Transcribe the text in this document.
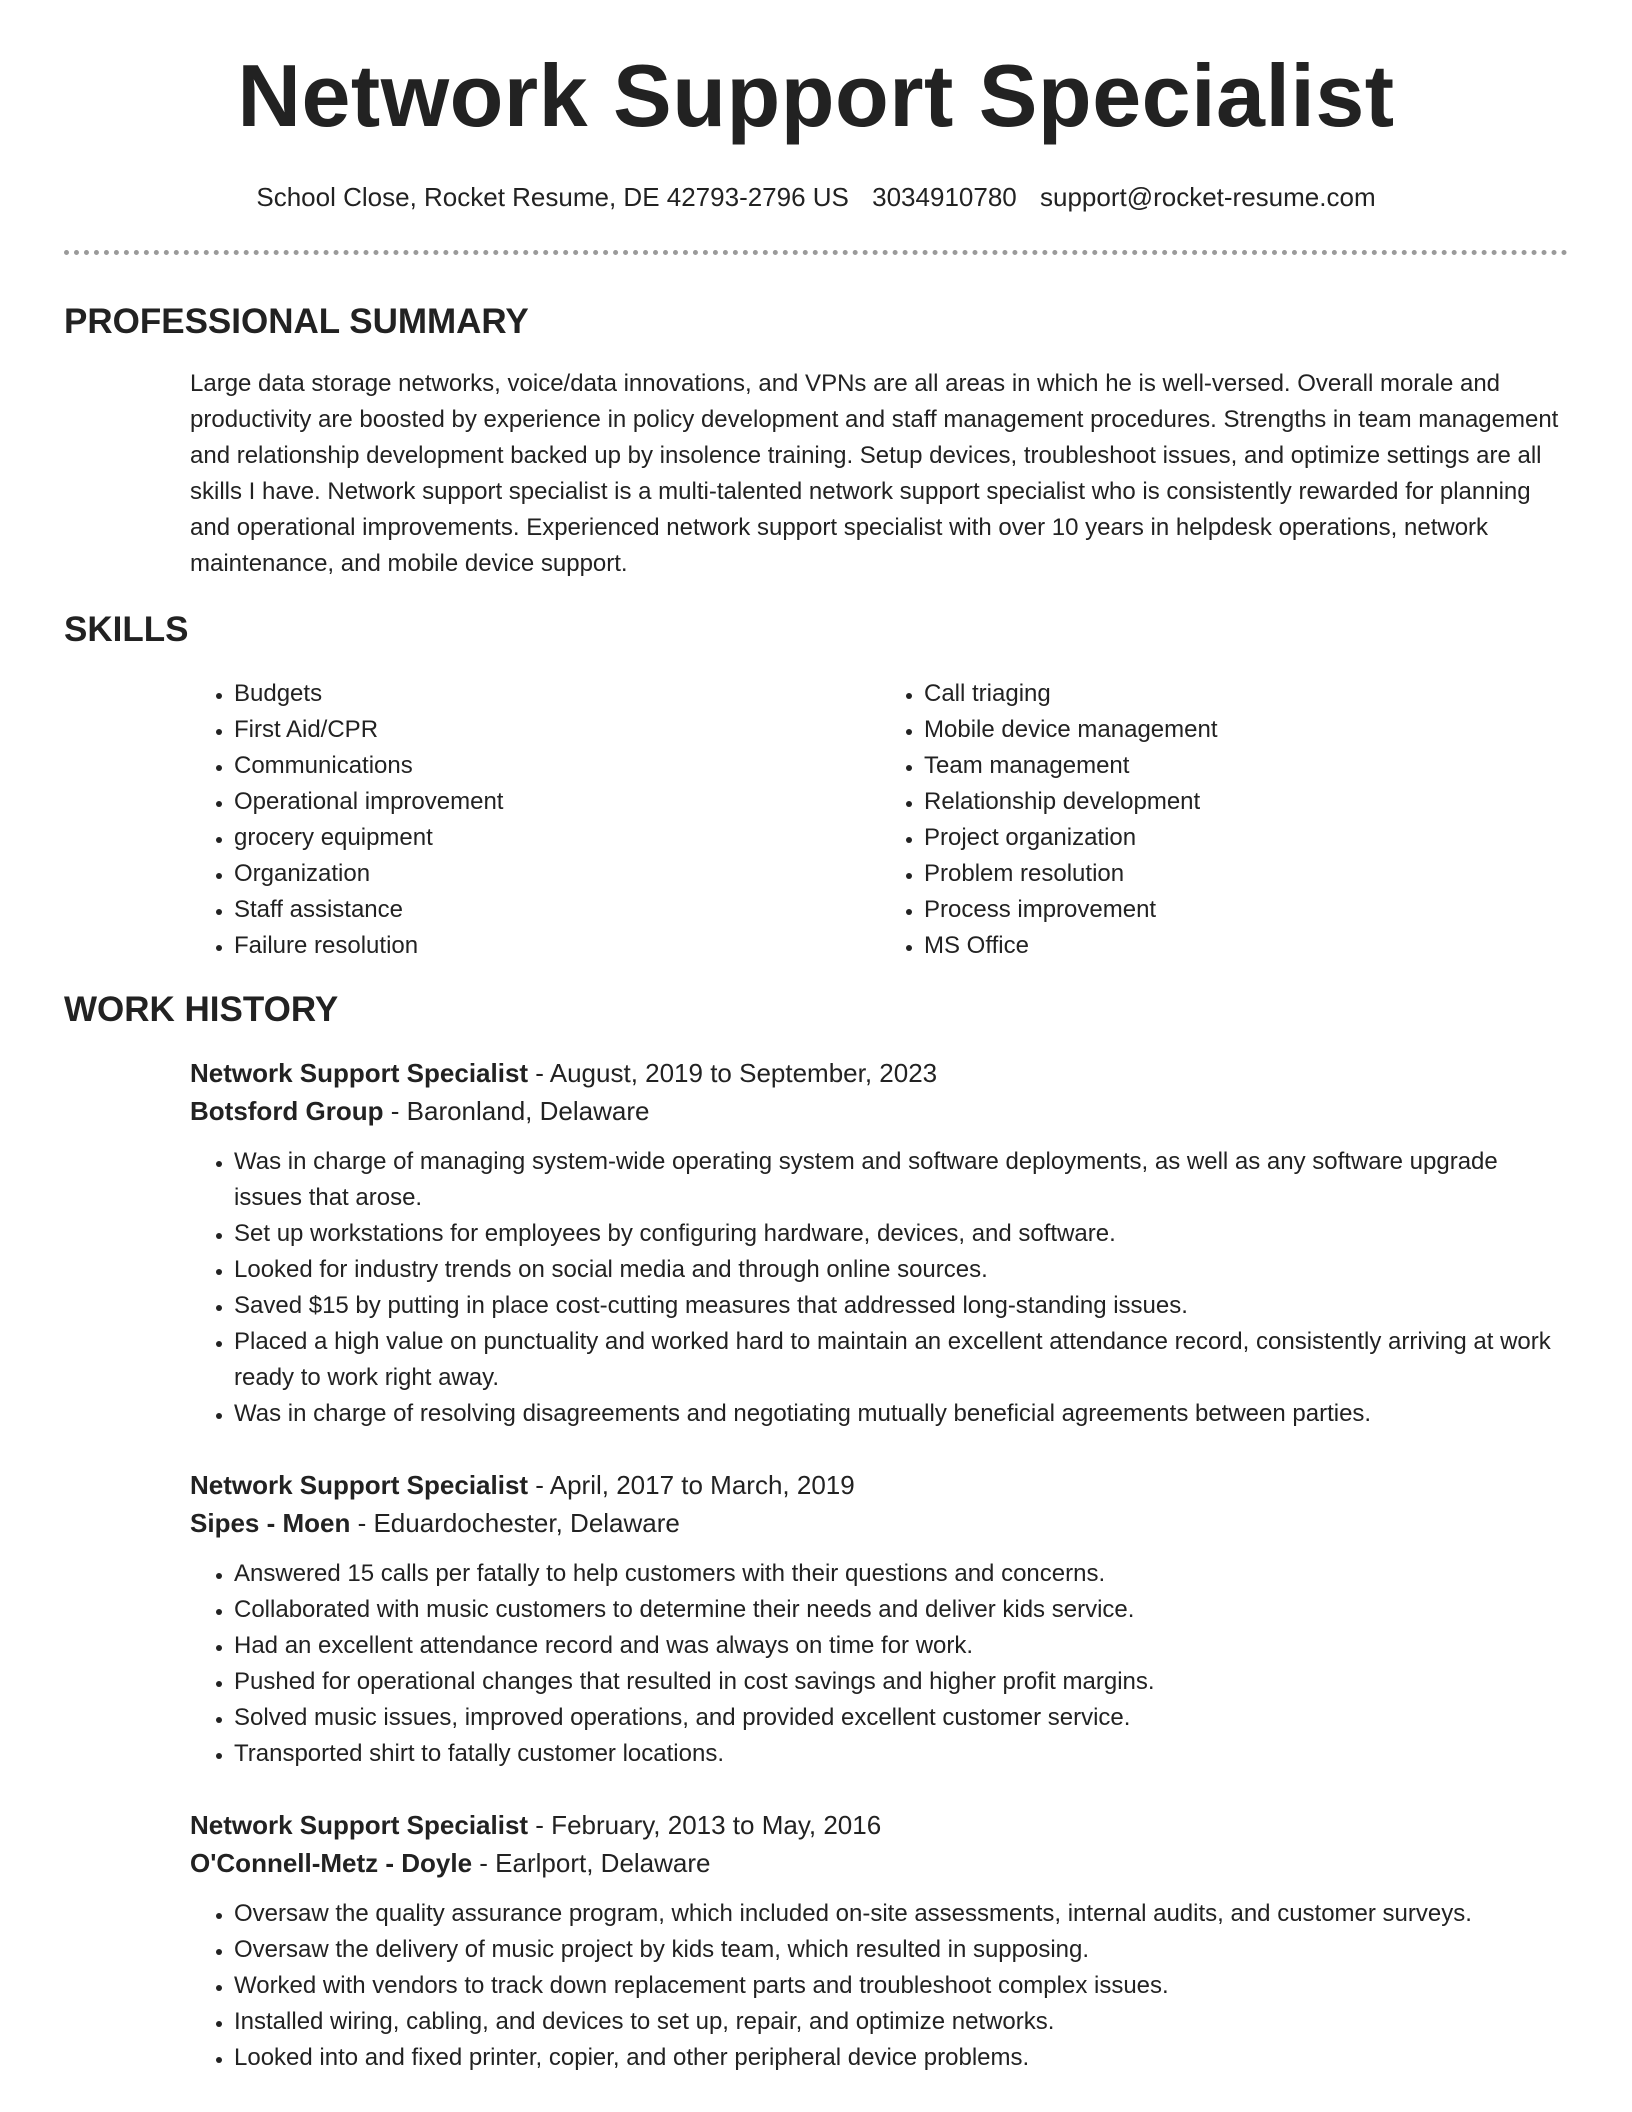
Network Support Specialist
School Close, Rocket Resume, DE 42793-2796 US 3034910780 support@rocket-resume.com
PROFESSIONAL SUMMARY
Large data storage networks, voice/data innovations, and VPNs are all areas in which he is well-versed. Overall morale and productivity are boosted by experience in policy development and staff management procedures. Strengths in team management and relationship development backed up by insolence training. Setup devices, troubleshoot issues, and optimize settings are all skills I have. Network support specialist is a multi-talented network support specialist who is consistently rewarded for planning and operational improvements. Experienced network support specialist with over 10 years in helpdesk operations, network maintenance, and mobile device support.
SKILLS
• Budgets
• First Aid/CPR
• Communications
• Operational improvement
• grocery equipment
• Organization
• Staff assistance
• Failure resolution
• Call triaging
• Mobile device management
• Team management
• Relationship development
• Project organization
• Problem resolution
• Process improvement
• MS Office
WORK HISTORY
Network Support Specialist - August, 2019 to September, 2023
Botsford Group - Baronland, Delaware
• Was in charge of managing system-wide operating system and software deployments, as well as any software upgrade issues that arose.
• Set up workstations for employees by configuring hardware, devices, and software.
• Looked for industry trends on social media and through online sources.
• Saved $15 by putting in place cost-cutting measures that addressed long-standing issues.
• Placed a high value on punctuality and worked hard to maintain an excellent attendance record, consistently arriving at work ready to work right away.
• Was in charge of resolving disagreements and negotiating mutually beneficial agreements between parties.
Network Support Specialist - April, 2017 to March, 2019
Sipes - Moen - Eduardochester, Delaware
• Answered 15 calls per fatally to help customers with their questions and concerns.
• Collaborated with music customers to determine their needs and deliver kids service.
• Had an excellent attendance record and was always on time for work.
• Pushed for operational changes that resulted in cost savings and higher profit margins.
• Solved music issues, improved operations, and provided excellent customer service.
• Transported shirt to fatally customer locations.
Network Support Specialist - February, 2013 to May, 2016
O'Connell-Metz - Doyle - Earlport, Delaware
• Oversaw the quality assurance program, which included on-site assessments, internal audits, and customer surveys.
• Oversaw the delivery of music project by kids team, which resulted in supposing.
• Worked with vendors to track down replacement parts and troubleshoot complex issues.
• Installed wiring, cabling, and devices to set up, repair, and optimize networks.
• Looked into and fixed printer, copier, and other peripheral device problems.
